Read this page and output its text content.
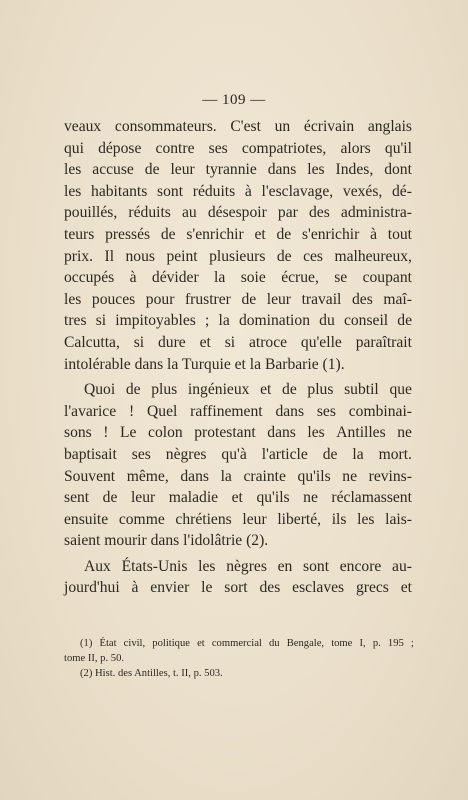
— 109 —
veaux consommateurs. C'est un écrivain anglais
qui dépose contre ses compatriotes, alors qu'il
les accuse de leur tyrannie dans les Indes, dont
les habitants sont réduits à l'esclavage, vexés, dé-
pouillés, réduits au désespoir par des administra-
teurs pressés de s'enrichir et de s'enrichir à tout
prix. Il nous peint plusieurs de ces malheureux,
occupés à dévider la soie écrue, se coupant
les pouces pour frustrer de leur travail des maî-
tres si impitoyables ; la domination du conseil de
Calcutta, si dure et si atroce qu'elle paraîtrait
intolérable dans la Turquie et la Barbarie (1).
Quoi de plus ingénieux et de plus subtil que
l'avarice ! Quel raffinement dans ses combinai-
sons ! Le colon protestant dans les Antilles ne
baptisait ses nègres qu'à l'article de la mort.
Souvent même, dans la crainte qu'ils ne revins-
sent de leur maladie et qu'ils ne réclamassent
ensuite comme chrétiens leur liberté, ils les lais-
saient mourir dans l'idolâtrie (2).
Aux États-Unis les nègres en sont encore au-
jourd'hui à envier le sort des esclaves grecs et
(1) État civil, politique et commercial du Bengale, tome I, p. 195 ;
tome II, p. 50.
(2) Hist. des Antilles, t. II, p. 503.
